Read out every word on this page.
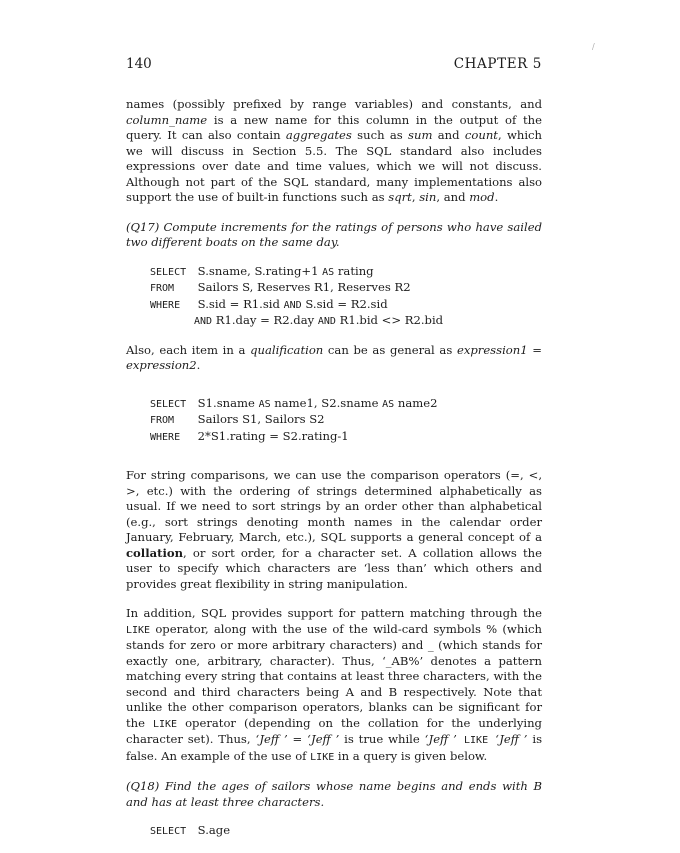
/
140	CHAPTER 5

names (possibly prefixed by range variables) and constants, and column_name is a new name for this column in the output of the query. It can also contain aggregates such as sum and count, which we will discuss in Section 5.5. The SQL standard also includes expressions over date and time values, which we will not discuss. Although not part of the SQL standard, many implementations also support the use of built-in functions such as sqrt, sin, and mod.

(Q17) Compute increments for the ratings of persons who have sailed two different boats on the same day.

SELECT S.sname, S.rating+1 AS rating
FROM Sailors S, Reserves R1, Reserves R2
WHERE S.sid = R1.sid AND S.sid = R2.sid
AND R1.day = R2.day AND R1.bid <> R2.bid

Also, each item in a qualification can be as general as expression1 = expression2.

SELECT S1.sname AS name1, S2.sname AS name2
FROM Sailors S1, Sailors S2
WHERE 2*S1.rating = S2.rating-1

For string comparisons, we can use the comparison operators (=, <, >, etc.) with the ordering of strings determined alphabetically as usual. If we need to sort strings by an order other than alphabetical (e.g., sort strings denoting month names in the calendar order January, February, March, etc.), SQL supports a general concept of a collation, or sort order, for a character set. A collation allows the user to specify which characters are ‘less than’ which others and provides great flexibility in string manipulation.

In addition, SQL provides support for pattern matching through the LIKE operator, along with the use of the wild-card symbols % (which stands for zero or more arbitrary characters) and _ (which stands for exactly one, arbitrary, character). Thus, ‘_AB%’ denotes a pattern matching every string that contains at least three characters, with the second and third characters being A and B respectively. Note that unlike the other comparison operators, blanks can be significant for the LIKE operator (depending on the collation for the underlying character set). Thus, ‘Jeff ’ = ‘Jeff ’ is true while ‘Jeff ’ LIKE ‘Jeff ’ is false. An example of the use of LIKE in a query is given below.

(Q18) Find the ages of sailors whose name begins and ends with B and has at least three characters.

SELECT S.age
